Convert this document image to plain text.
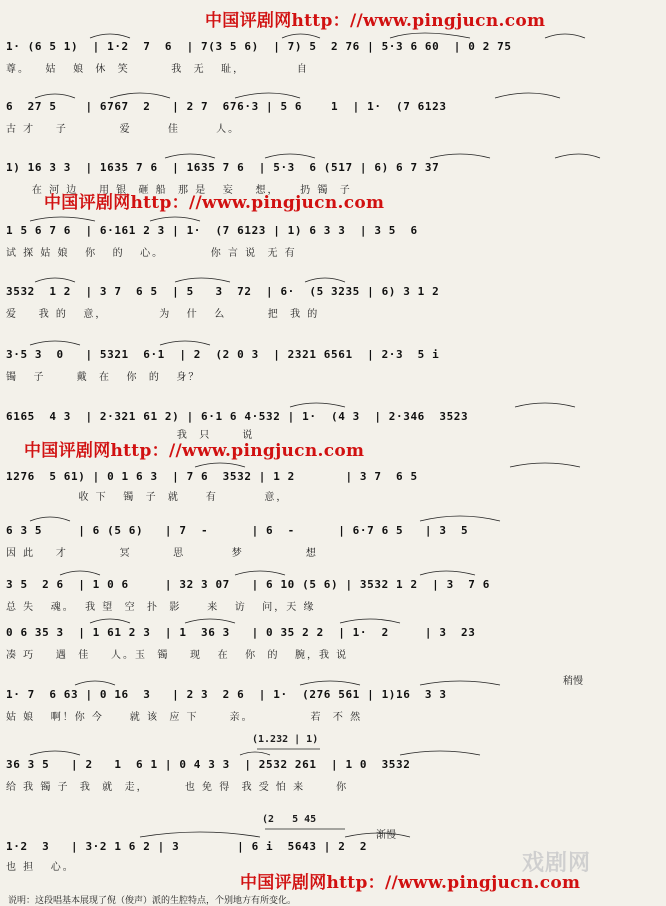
中国评剧网http：//www.pingjucn.com
中国评剧网http：//www.pingjucn.com
中国评剧网http：//www.pingjucn.com
中国评剧网http：//www.pingjucn.com
1· (6 5 1)  | 1·2  7  6  | 7(3 5 6)  | 7) 5  2 76 | 5·3 6 60  | 0 2 75
尊。   姑   娘  休  笑        我  无   耻，          自
6  27 5    | 6767  2   | 2 7  676·3 | 5 6    1  | 1·  (7 6123
古 才    子          爱       佳       人。
1) 16 3 3  | 1635 7 6  | 1635 7 6  | 5·3  6 (517 | 6) 6 7 37
在 河 边    用 银  砸 船  那 是   妄    想，    扔 镯  子
1 5 6 7 6  | 6·161 2 3 | 1·  (7 6123 | 1) 6 3 3  | 3 5  6
试 探 姑 娘   你   的   心。         你 言 说  无 有
3532  1 2  | 3 7  6 5  | 5   3  72  | 6·  (5 3235 | 6) 3 1 2
爱    我 的   意，          为   什   么        把  我 的
3·5 3  0   | 5321  6·1  | 2  (2 0 3  | 2321 6561  | 2·3  5 i
镯   子      戴  在   你  的   身？
6165  4 3  | 2·321 61 2) | 6·1 6 4·532 | 1·  (4 3  | 2·346  3523
我  只      说
1276  5 61) | 0 1 6 3  | 7 6  3532 | 1 2       | 3 7  6 5
收 下   镯  子  就     有         意，
6 3 5     | 6 (5 6)   | 7  -      | 6  -      | 6·7 6 5   | 3  5
因 此    才          冥        思         梦            想
3 5  2 6  | 1 0 6     | 32 3 07   | 6 10 (5 6) | 3532 1 2  | 3  7 6
总 失   魂。  我 望  空  扑  影     来   访   问，天 缘
0 6 35 3  | 1 61 2 3  | 1  36 3   | 0 35 2 2  | 1·  2     | 3  23
凑 巧    遇  佳    人。玉  镯    现   在   你  的   腕，我 说
1· 7  6 63 | 0 16  3   | 2 3  2 6  | 1·  (276 561 | 1)16  3 3
姑 娘   啊！你 今     就 该  应 下      亲。           若  不 然
36 3 5   | 2   1  6 1 | 0 4 3 3  | 2532 261  | 1 0  3532
给 我 镯 子  我  就  走，       也 免 得  我 受 怕 来      你
1·2  3   | 3·2 1 6 2 | 3        | 6 i  5643 | 2  2
也 担   心。
稍慢
(1.232 | 1)
(2   5 45
渐慢
戏剧网
说明：这段唱基本展现了倪（俊声）派的生腔特点，个别地方有所变化。
